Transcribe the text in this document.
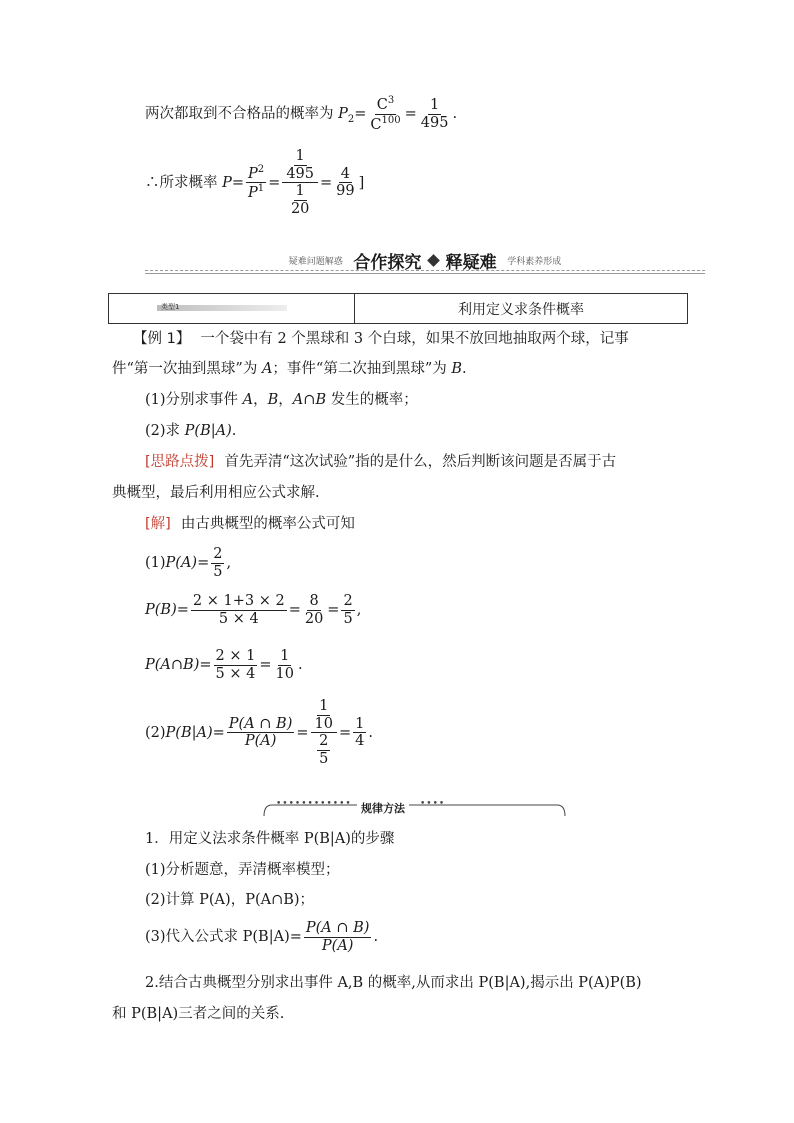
两次都取到不合格品的概率为 $P_2= \frac{C^3}{C^{100}} = \frac{1}{495}$ .
∴所求概率 $P= \frac{P^2}{P^1} = \frac{\frac{1}{495}}{\frac{1}{20}} = \frac{4}{99}$ ]
疑难问题解惑 合作探究 释疑难 学科素养形成
类型1	利用定义求条件概率
【例 1】 一个袋中有 2 个黑球和 3 个白球，如果不放回地抽取两个球，记事
件“第一次抽到黑球”为 A；事件“第二次抽到黑球”为 B.
(1)分别求事件 A，B，A∩B 发生的概率；
(2)求 P(B|A).
[思路点拨] 首先弄清“这次试验”指的是什么，然后判断该问题是否属于古
典概型，最后利用相应公式求解.
[解] 由古典概型的概率公式可知
$(1)P(A)= \frac{2}{5}$ ,
$P(B)= \frac{2 \times 1+3 \times 2}{5 \times 4} = \frac{8}{20} = \frac{2}{5}$ ,
P(A∩B)= $\frac{2 \times 1}{5 \times 4} = \frac{1}{10}$ .
$(2)P(B|A)= \frac{P(A \cap B)}{P(A)} = \frac{\frac{1}{10}}{\frac{2}{5}} = \frac{1}{4}$ .
•••••••••••• 规律方法	••••
1．用定义法求条件概率 P(B|A)的步骤
(1)分析题意，弄清概率模型；
(2)计算 P(A)，P(A∩B)；
(3)代入公式求 $P(B|A)= \frac{P(A \cap B)}{P(A)}$ .
2.结合古典概型分别求出事件 A,B 的概率,从而求出 P(B|A),揭示出 P(A)P(B)
和 P(B|A)三者之间的关系.
